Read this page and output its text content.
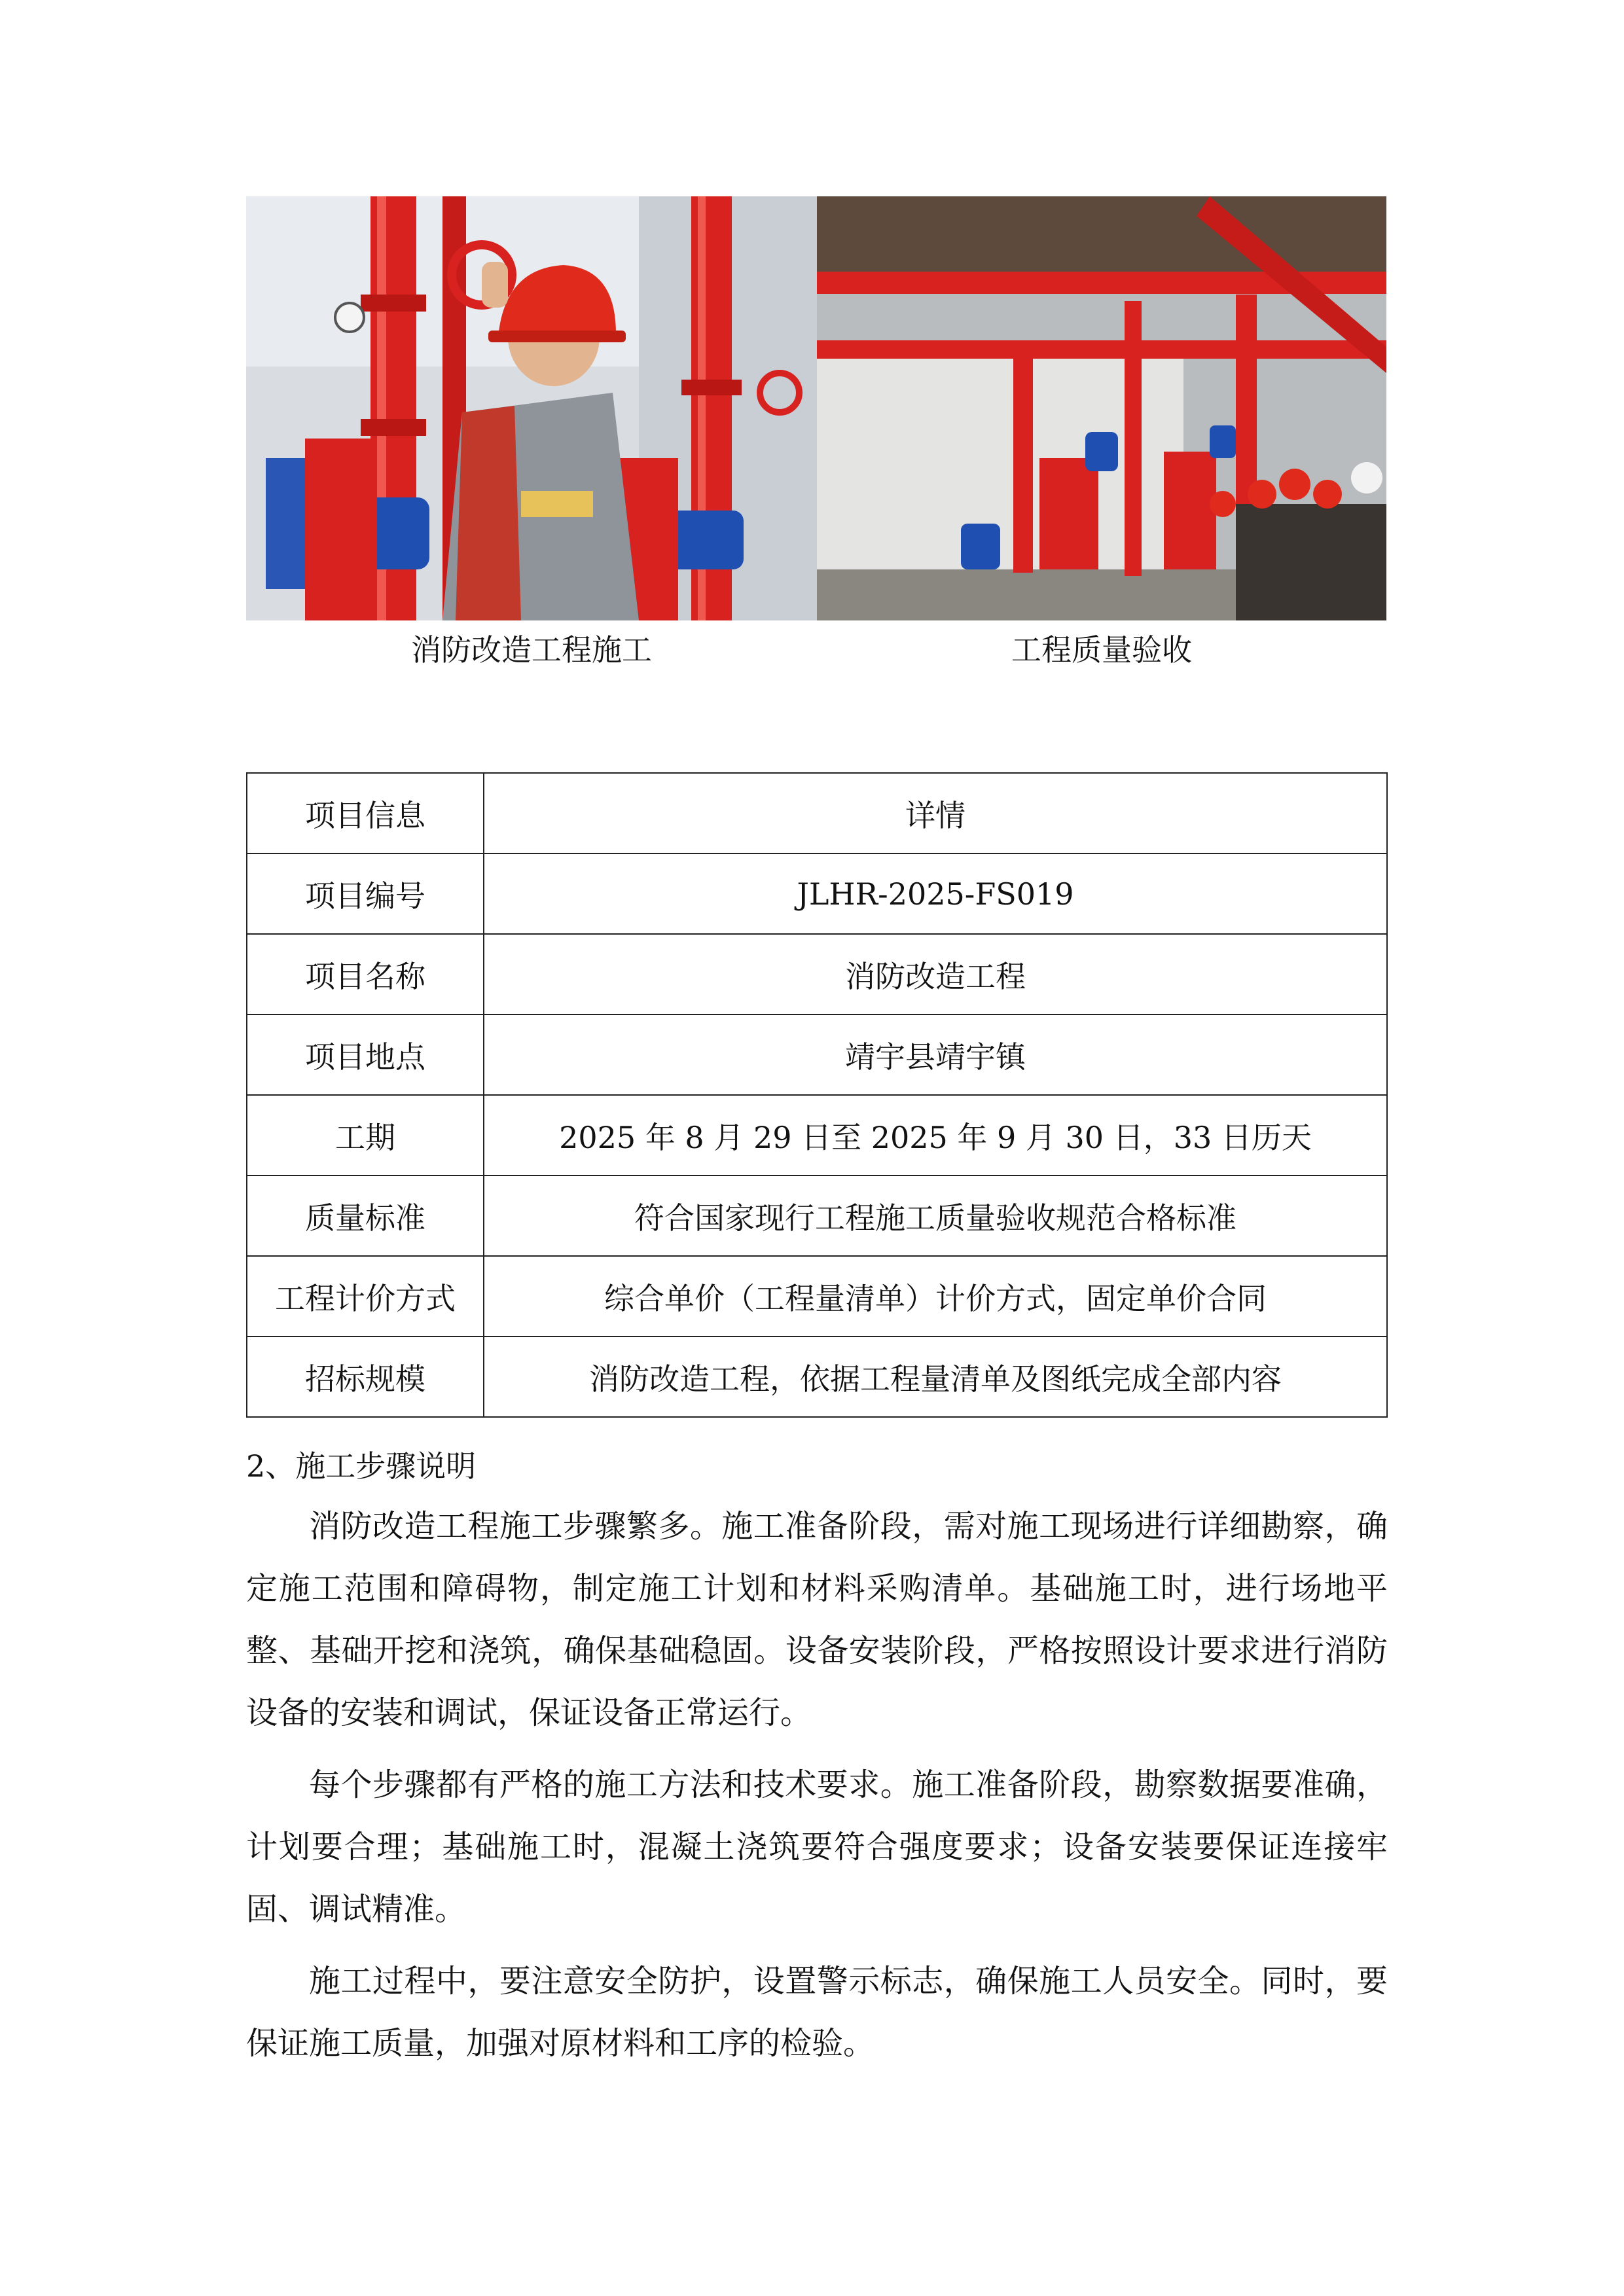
消防改造工程施工	工程质量验收
项目信息	详情
项目编号	JLHR-2025-FS019
项目名称	消防改造工程
项目地点	靖宇县靖宇镇
工期	2025 年 8 月 29 日至 2025 年 9 月 30 日，33 日历天
质量标准	符合国家现行工程施工质量验收规范合格标准
工程计价方式	综合单价（工程量清单）计价方式，固定单价合同
招标规模	消防改造工程，依据工程量清单及图纸完成全部内容
2、施工步骤说明

消防改造工程施工步骤繁多。施工准备阶段，需对施工现场进行详细勘察，确定施工范围和障碍物，制定施工计划和材料采购清单。基础施工时，进行场地平整、基础开挖和浇筑，确保基础稳固。设备安装阶段，严格按照设计要求进行消防设备的安装和调试，保证设备正常运行。

每个步骤都有严格的施工方法和技术要求。施工准备阶段，勘察数据要准确，计划要合理；基础施工时，混凝土浇筑要符合强度要求；设备安装要保证连接牢固、调试精准。

施工过程中，要注意安全防护，设置警示标志，确保施工人员安全。同时，要保证施工质量，加强对原材料和工序的检验。
